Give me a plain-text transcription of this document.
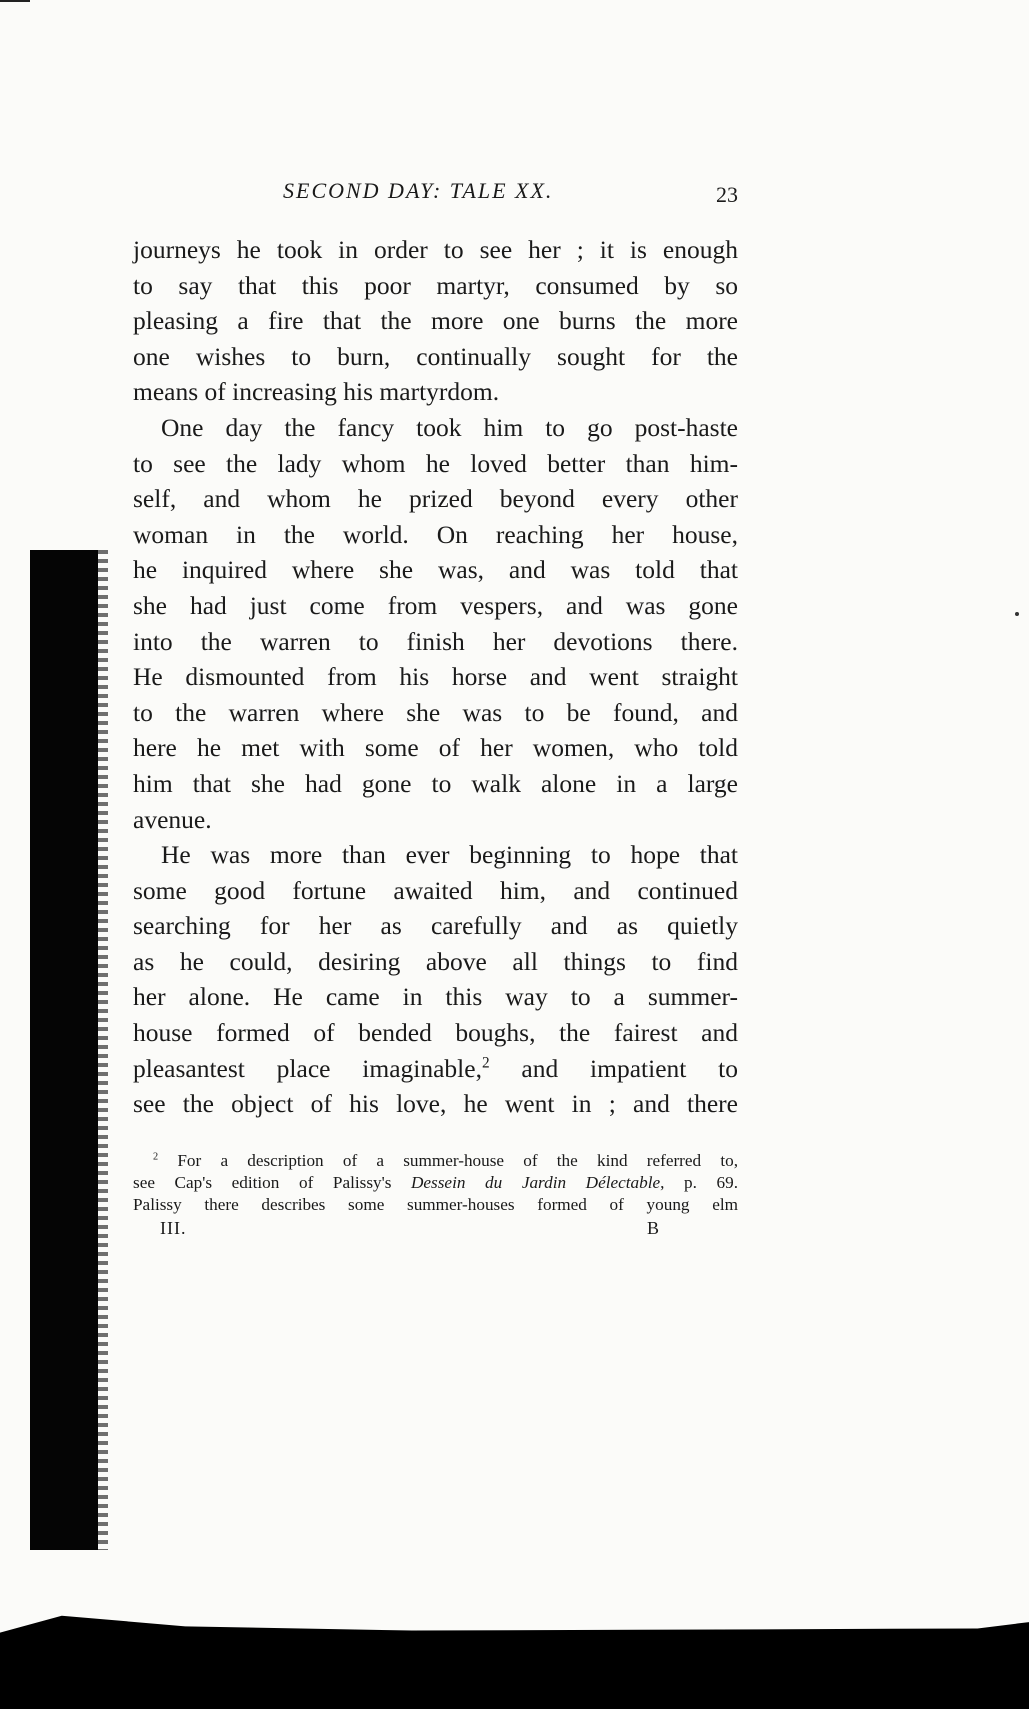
SECOND DAY: TALE XX.	23
journeys he took in order to see her ; it is enough
to say that this poor martyr, consumed by so
pleasing a fire that the more one burns the more
one wishes to burn, continually sought for the
means of increasing his martyrdom.
One day the fancy took him to go post-haste
to see the lady whom he loved better than him-
self, and whom he prized beyond every other
woman in the world. On reaching her house,
he inquired where she was, and was told that
she had just come from vespers, and was gone
into the warren to finish her devotions there.
He dismounted from his horse and went straight
to the warren where she was to be found, and
here he met with some of her women, who told
him that she had gone to walk alone in a large
avenue.
He was more than ever beginning to hope that
some good fortune awaited him, and continued
searching for her as carefully and as quietly
as he could, desiring above all things to find
her alone. He came in this way to a summer-
house formed of bended boughs, the fairest and
pleasantest place imaginable,$^2$ and impatient to
see the object of his love, he went in ; and there
$^2$ For a description of a summer-house of the kind referred to,
see Cap's edition of Palissy's Dessein du Jardin Délectable, p. 69.
Palissy there describes some summer-houses formed of young elm
III.	B
